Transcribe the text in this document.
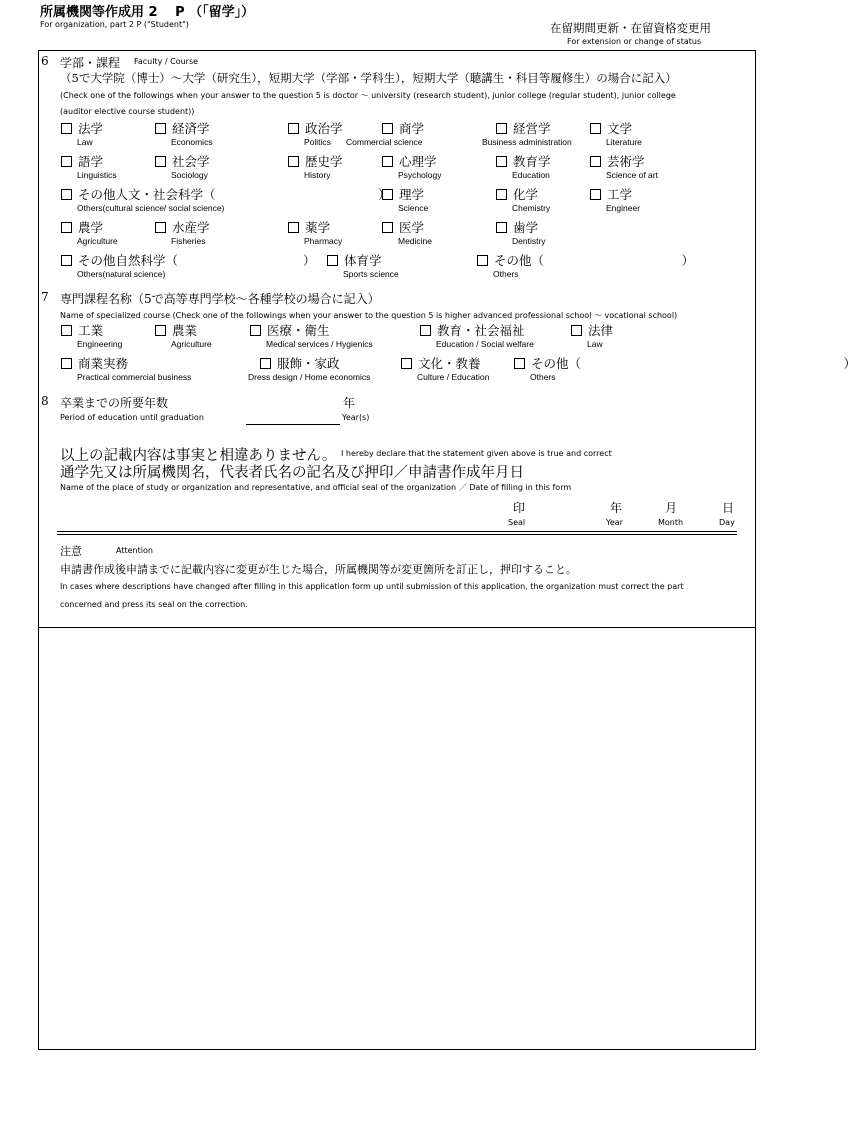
所属機関等作成用 2　 P （「留学」）
For organization, part 2 P ("Student")	在留期間更新・在留資格変更用
For extension or change of status
6 学部・課程 Faculty / Course
（5で大学院（博士）～大学（研究生），短期大学（学部・学科生），短期大学（聴講生・科目等履修生）の場合に記入）
(Check one of the followings when your answer to the question 5 is doctor ～ university (research student), junior college (regular student), junior college
(auditor elective course student))
法学
Law
経済学
Economics
政治学
Politics
商学
Commercial science
経営学
Business administration
文学
Literature
語学
Linguistics
社会学
Sociology
歴史学
History
心理学
Psychology
教育学
Education
芸術学
Science of art
その他人文・社会科学（　　　　　　　　　　　　　）
Others(cultural science/ social science)
理学
Science
化学
Chemistry
工学
Engineer
農学
Agriculture
水産学
Fisheries
薬学
Pharmacy
医学
Medicine
歯学
Dentistry
その他自然科学（　　　　　　　　　　）
Others(natural science)
体育学
Sports science
その他（　　　　　　　　　　　）
Others
7 専門課程名称（5で高等専門学校～各種学校の場合に記入）
Name of specialized course (Check one of the followings when your answer to the question 5 is higher advanced professional school ～ vocational school)
工業
Engineering
農業
Agriculture
医療・衛生
Medical services / Hygienics
教育・社会福祉
Education / Social welfare
法律
Law
商業実務
Practical commercial business
服飾・家政
Dress design / Home economics
文化・教養
Culture / Education
その他（　　　　　　　　　　　　　　　　　　　　　）
Others
8 卒業までの所要年数
Period of education until graduation
年
Year(s)
以上の記載内容は事実と相違ありません。 I hereby declare that the statement given above is true and correct
通学先又は所属機関名，代表者氏名の記名及び押印／申請書作成年月日
Name of the place of study or organization and representative, and official seal of the organization ／ Date of filling in this form
印
Seal
年
Year
月
Month
日
Day
注意	Attention
申請書作成後申請までに記載内容に変更が生じた場合，所属機関等が変更箇所を訂正し，押印すること。
In cases where descriptions have changed after filling in this application form up until submission of this application, the organization must correct the part
concerned and press its seal on the correction.
